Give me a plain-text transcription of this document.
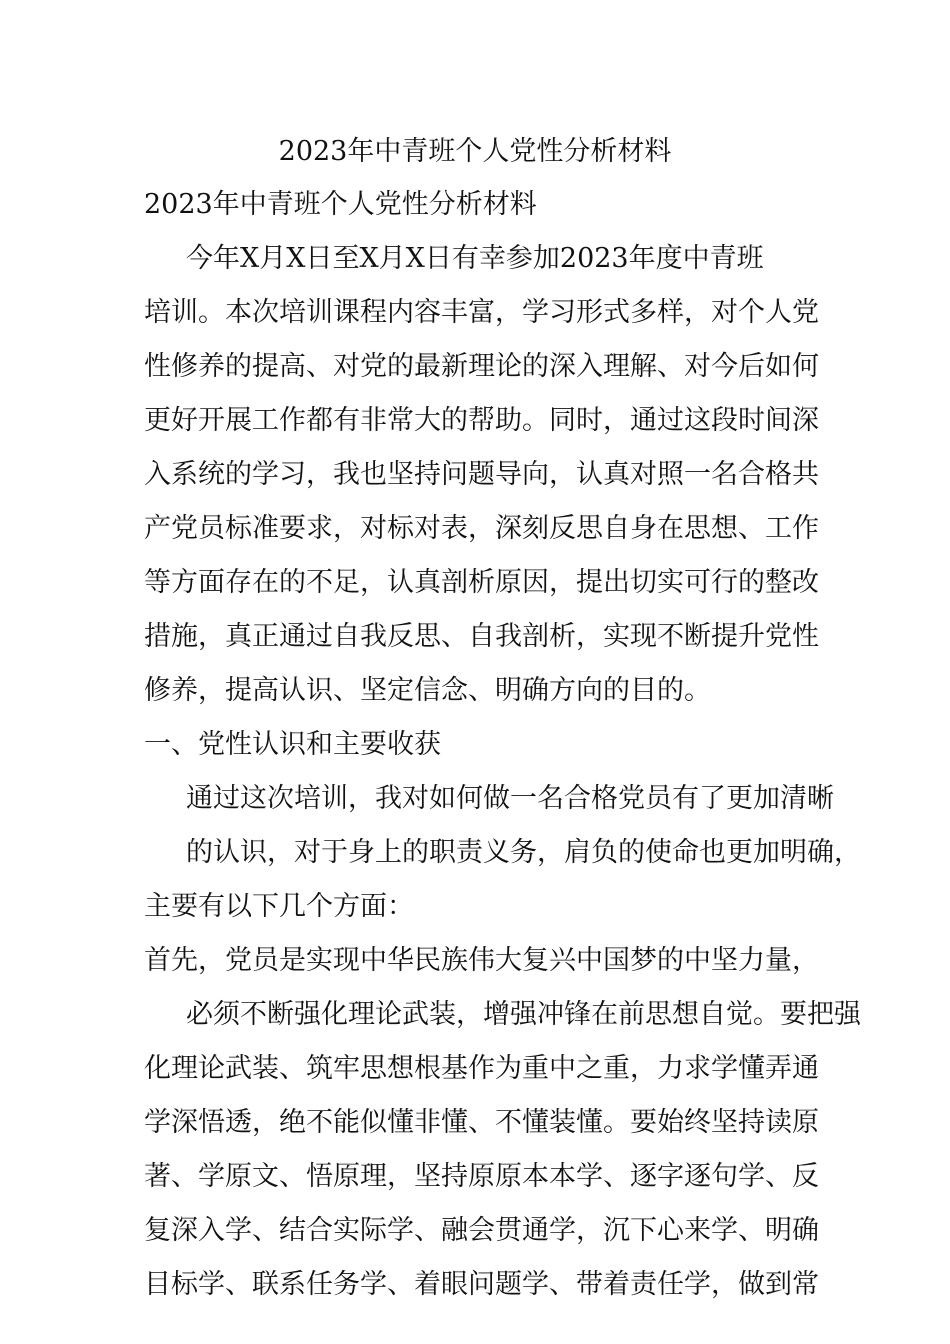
2023年中青班个人党性分析材料
2023年中青班个人党性分析材料
今年X月X日至X月X日有幸参加2023年度中青班
培训。本次培训课程内容丰富，学习形式多样，对个人党
性修养的提高、对党的最新理论的深入理解、对今后如何
更好开展工作都有非常大的帮助。同时，通过这段时间深
入系统的学习，我也坚持问题导向，认真对照一名合格共
产党员标准要求，对标对表，深刻反思自身在思想、工作
等方面存在的不足，认真剖析原因，提出切实可行的整改
措施，真正通过自我反思、自我剖析，实现不断提升党性
修养，提高认识、坚定信念、明确方向的目的。
一、党性认识和主要收获
通过这次培训，我对如何做一名合格党员有了更加清晰
的认识，对于身上的职责义务，肩负的使命也更加明确，
主要有以下几个方面：
首先，党员是实现中华民族伟大复兴中国梦的中坚力量，
必须不断强化理论武装，增强冲锋在前思想自觉。要把强
化理论武装、筑牢思想根基作为重中之重，力求学懂弄通
学深悟透，绝不能似懂非懂、不懂装懂。要始终坚持读原
著、学原文、悟原理，坚持原原本本学、逐字逐句学、反
复深入学、结合实际学、融会贯通学，沉下心来学、明确
目标学、联系任务学、着眼问题学、带着责任学，做到常
